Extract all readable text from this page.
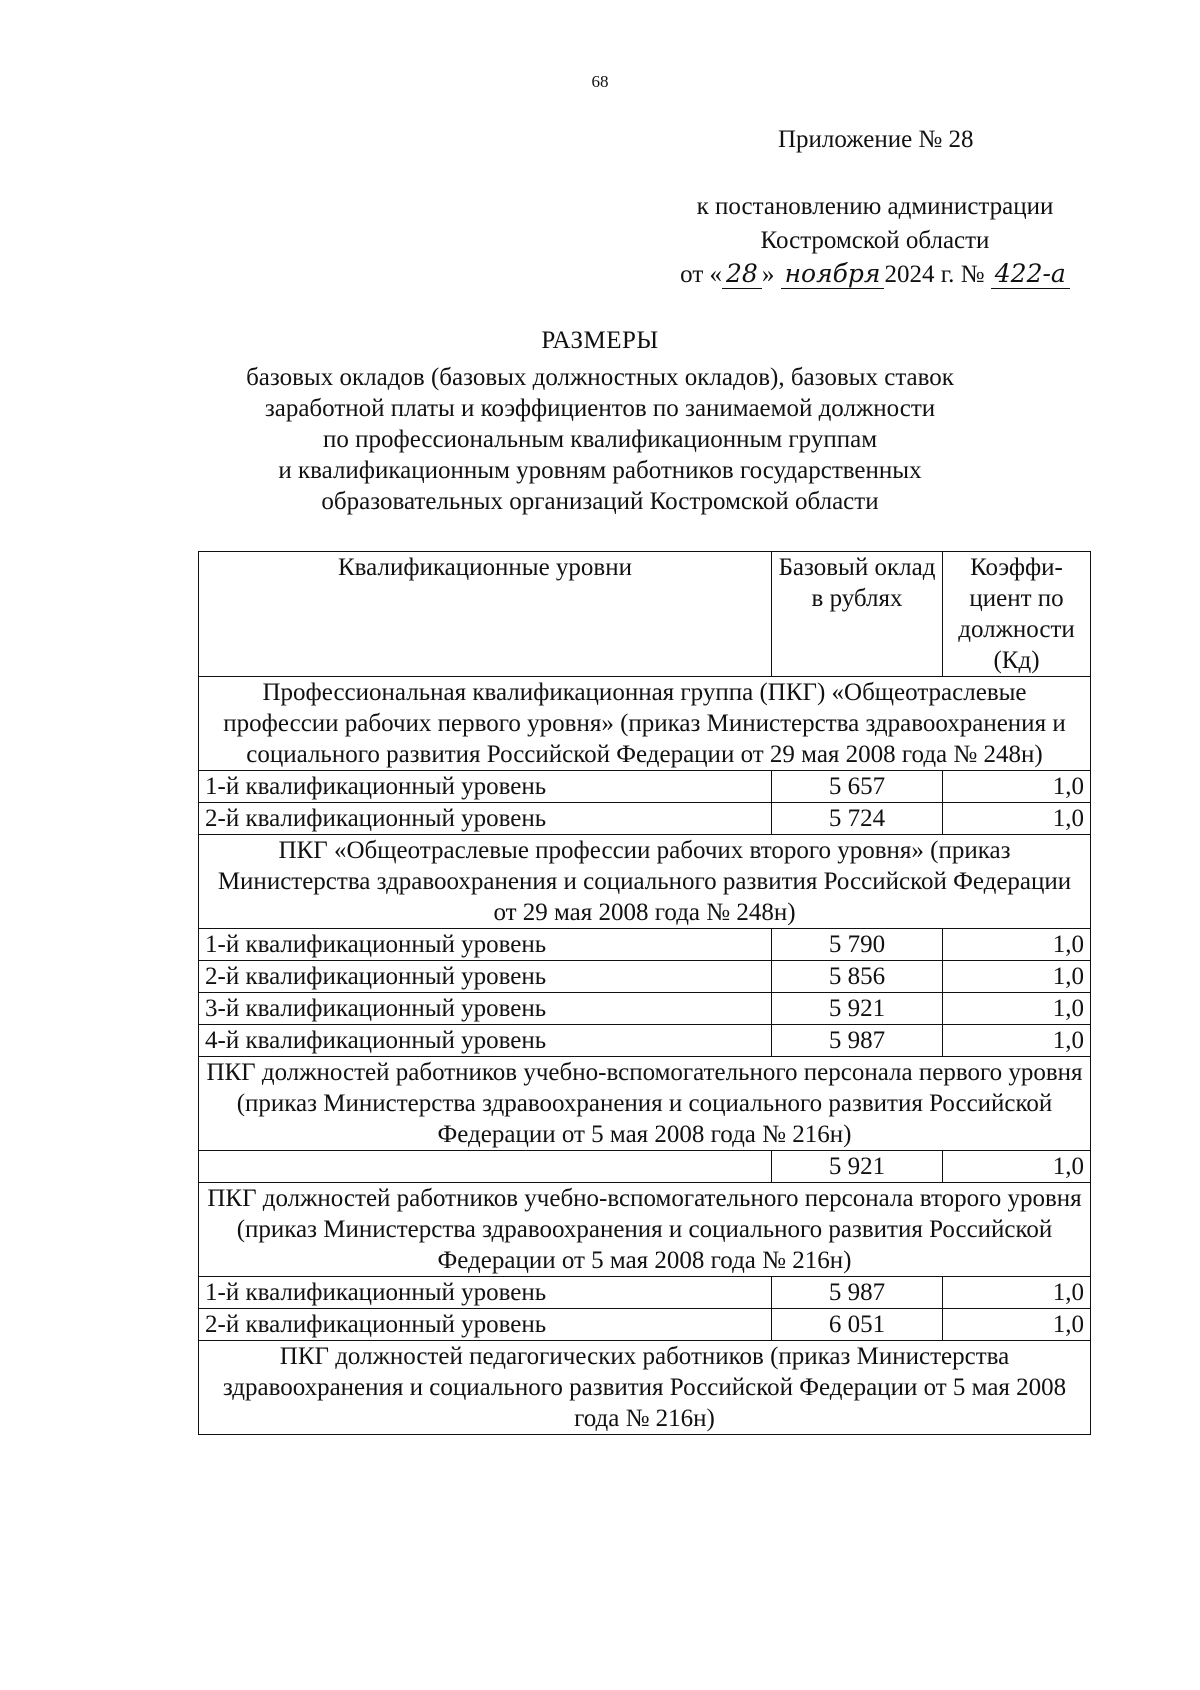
68
Приложение № 28
к постановлению администрации
Костромской области
от « 28 » ноября 2024 г. № 422-а
РАЗМЕРЫ
базовых окладов (базовых должностных окладов), базовых ставок
заработной платы и коэффициентов по занимаемой должности
по профессиональным квалификационным группам
и квалификационным уровням работников государственных
образовательных организаций Костромской области
Квалификационные уровни	Базовый оклад в рублях	Коэффи- циент по должности (Кд)
Профессиональная квалификационная группа (ПКГ) «Общеотраслевые профессии рабочих первого уровня» (приказ Министерства здравоохранения и социального развития Российской Федерации от 29 мая 2008 года № 248н)		
1-й квалификационный уровень	5 657	1,0
2-й квалификационный уровень	5 724	1,0
ПКГ «Общеотраслевые профессии рабочих второго уровня» (приказ Министерства здравоохранения и социального развития Российской Федерации от 29 мая 2008 года № 248н)		
1-й квалификационный уровень	5 790	1,0
2-й квалификационный уровень	5 856	1,0
3-й квалификационный уровень	5 921	1,0
4-й квалификационный уровень	5 987	1,0
ПКГ должностей работников учебно-вспомогательного персонала первого уровня (приказ Министерства здравоохранения и социального развития Российской Федерации от 5 мая 2008 года № 216н)		
	5 921	1,0
ПКГ должностей работников учебно-вспомогательного персонала второго уровня (приказ Министерства здравоохранения и социального развития Российской Федерации от 5 мая 2008 года № 216н)		
1-й квалификационный уровень	5 987	1,0
2-й квалификационный уровень	6 051	1,0
ПКГ должностей педагогических работников (приказ Министерства здравоохранения и социального развития Российской Федерации от 5 мая 2008 года № 216н)		
